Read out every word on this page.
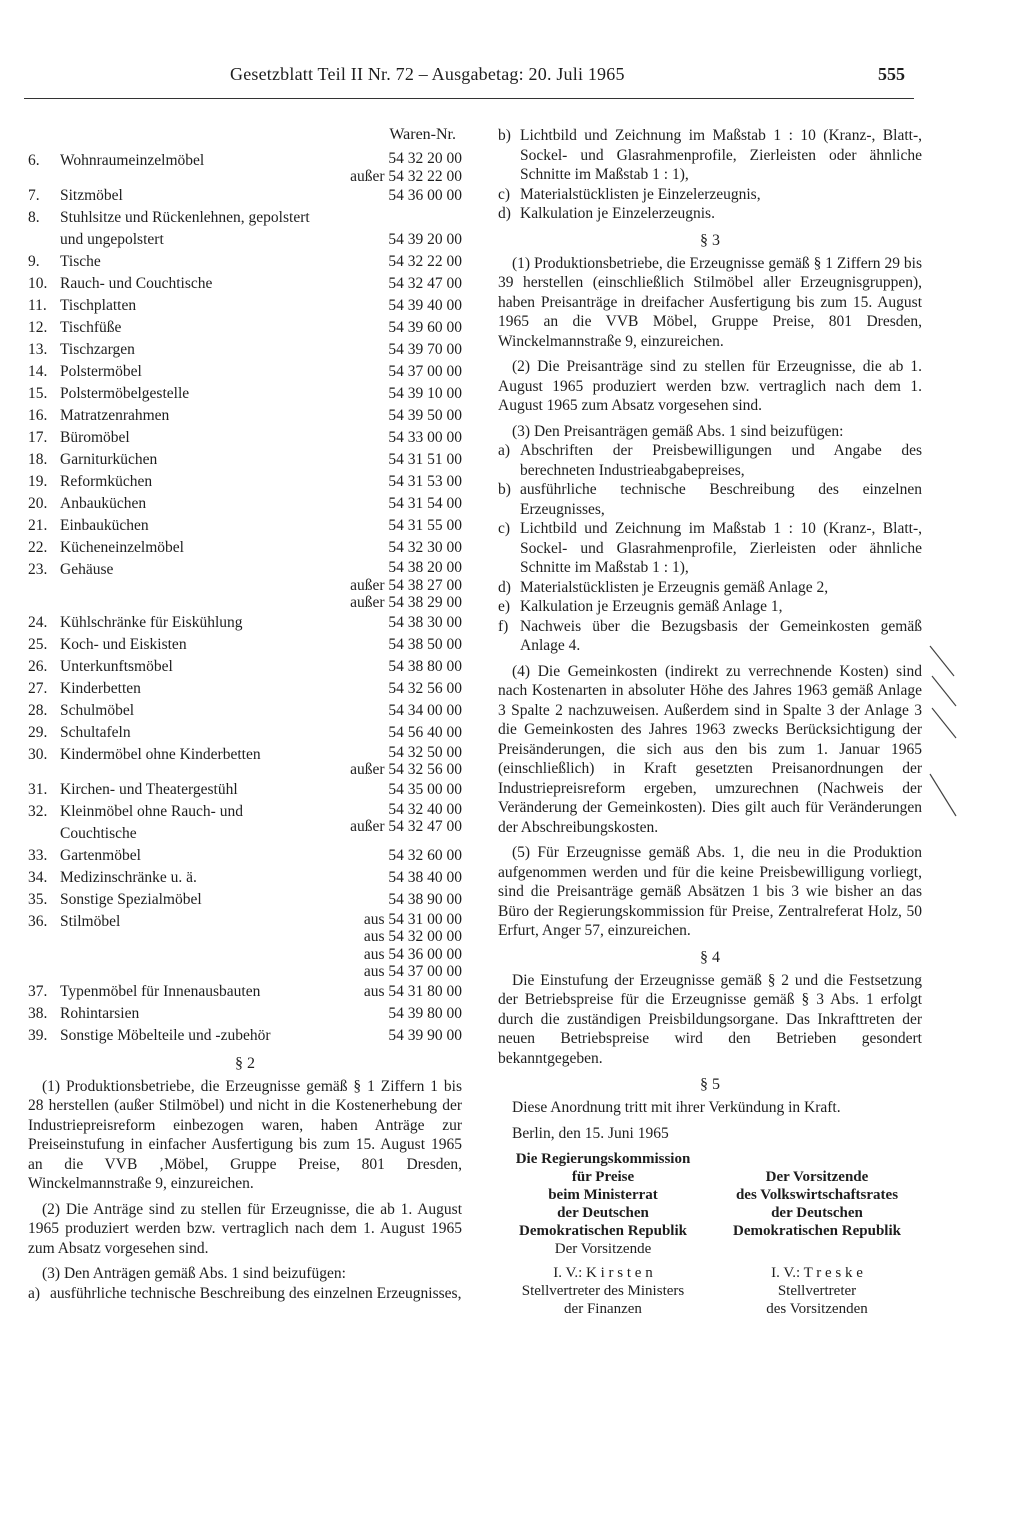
Gesetzblatt Teil II Nr. 72 – Ausgabetag: 20. Juli 1965	555
Waren-Nr.
6.	Wohnraumeinzelmöbel	54 32 20 00
außer 54 32 22 00
7.	Sitzmöbel	54 36 00 00
8.	Stuhlsitze und Rückenlehnen, gepolstert und ungepolstert	54 39 20 00
9.	Tische	54 32 22 00
10. Rauch- und Couchtische	54 32 47 00
11. Tischplatten	54 39 40 00
12. Tischfüße	54 39 60 00
13. Tischzargen	54 39 70 00
14. Polstermöbel	54 37 00 00
15. Polstermöbelgestelle	54 39 10 00
16. Matratzenrahmen	54 39 50 00
17. Büromöbel	54 33 00 00
18. Garniturküchen	54 31 51 00
19. Reformküchen	54 31 53 00
20. Anbauküchen	54 31 54 00
21. Einbauküchen	54 31 55 00
22. Kücheneinzelmöbel	54 32 30 00
23. Gehäuse	54 38 20 00
außer 54 38 27 00
außer 54 38 29 00
24. Kühlschränke für Eiskühlung	54 38 30 00
25. Koch- und Eiskisten	54 38 50 00
26. Unterkunftsmöbel	54 38 80 00
27. Kinderbetten	54 32 56 00
28. Schulmöbel	54 34 00 00
29. Schultafeln	54 56 40 00
30. Kindermöbel ohne Kinderbetten	54 32 50 00
außer 54 32 56 00
31. Kirchen- und Theatergestühl	54 35 00 00
32. Kleinmöbel ohne Rauch- und Couchtische
54 32 40 00
außer 54 32 47 00
33. Gartenmöbel	54 32 60 00
34. Medizinschränke u. ä.	54 38 40 00
35. Sonstige Spezialmöbel	54 38 90 00
36. Stilmöbel	aus 54 31 00 00
aus 54 32 00 00
aus 54 36 00 00
aus 54 37 00 00
37. Typenmöbel für Innenausbauten	aus 54 31 80 00
38. Rohintarsien	54 39 80 00
39. Sonstige Möbelteile und -zubehör	54 39 90 00
§ 2

(1) Produktionsbetriebe, die Erzeugnisse gemäß § 1 Ziffern 1 bis 28 herstellen (außer Stilmöbel) und nicht in die Kostenerhebung der Industriepreisreform einbezogen waren, haben Anträge zur Preiseinstufung in einfacher Ausfertigung bis zum 15. August 1965 an die VVB ‚Möbel, Gruppe Preise, 801 Dresden, Winckelmannstraße 9, einzureichen.

(2) Die Anträge sind zu stellen für Erzeugnisse, die ab 1. August 1965 produziert werden bzw. vertraglich nach dem 1. August 1965 zum Absatz vorgesehen sind.

(3) Den Anträgen gemäß Abs. 1 sind beizufügen:

a) ausführliche technische Beschreibung des einzelnen Erzeugnisses,
b) Lichtbild und Zeichnung im Maßstab 1 : 10 (Kranz-, Blatt-, Sockel- und Glasrahmenprofile, Zierleisten oder ähnliche Schnitte im Maßstab 1 : 1),
c) Materialstücklisten je Einzelerzeugnis,
d) Kalkulation je Einzelerzeugnis.
§ 3

(1) Produktionsbetriebe, die Erzeugnisse gemäß § 1 Ziffern 29 bis 39 herstellen (einschließlich Stilmöbel aller Erzeugnisgruppen), haben Preisanträge in dreifacher Ausfertigung bis zum 15. August 1965 an die VVB Möbel, Gruppe Preise, 801 Dresden, Winckelmannstraße 9, einzureichen.

(2) Die Preisanträge sind zu stellen für Erzeugnisse, die ab 1. August 1965 produziert werden bzw. vertraglich nach dem 1. August 1965 zum Absatz vorgesehen sind.

(3) Den Preisanträgen gemäß Abs. 1 sind beizufügen:

a) Abschriften der Preisbewilligungen und Angabe des berechneten Industrieabgabepreises,
b) ausführliche technische Beschreibung des einzelnen Erzeugnisses,
c) Lichtbild und Zeichnung im Maßstab 1 : 10 (Kranz-, Blatt-, Sockel- und Glasrahmenprofile, Zierleisten oder ähnliche Schnitte im Maßstab 1 : 1),
d) Materialstücklisten je Erzeugnis gemäß Anlage 2,
e) Kalkulation je Erzeugnis gemäß Anlage 1,
f) Nachweis über die Bezugsbasis der Gemeinkosten gemäß Anlage 4.

(4) Die Gemeinkosten (indirekt zu verrechnende Kosten) sind nach Kostenarten in absoluter Höhe des Jahres 1963 gemäß Anlage 3 Spalte 2 nachzuweisen. Außerdem sind in Spalte 3 der Anlage 3 die Gemeinkosten des Jahres 1963 zwecks Berücksichtigung der Preisänderungen, die sich aus den bis zum 1. Januar 1965 (einschließlich) in Kraft gesetzten Preisanordnungen der Industriepreisreform ergeben, umzurechnen (Nachweis der Veränderung der Gemeinkosten). Dies gilt auch für Veränderungen der Abschreibungskosten.

(5) Für Erzeugnisse gemäß Abs. 1, die neu in die Produktion aufgenommen werden und für die keine Preisbewilligung vorliegt, sind die Preisanträge gemäß Absätzen 1 bis 3 wie bisher an das Büro der Regierungskommission für Preise, Zentralreferat Holz, 50 Erfurt, Anger 57, einzureichen.

§ 4

Die Einstufung der Erzeugnisse gemäß § 2 und die Festsetzung der Betriebspreise für die Erzeugnisse gemäß § 3 Abs. 1 erfolgt durch die zuständigen Preisbildungsorgane. Das Inkrafttreten der neuen Betriebspreise wird den Betrieben gesondert bekanntgegeben.

§ 5

Diese Anordnung tritt mit ihrer Verkündung in Kraft.

Berlin, den 15. Juni 1965
Die Regierungskommission
für Preise
beim Ministerrat
der Deutschen
Demokratischen Republik
Der Vorsitzende
I. V.: K i r s t e n
Stellvertreter des Ministers
der Finanzen
Der Vorsitzende
des Volkswirtschaftsrates
der Deutschen
Demokratischen Republik
I. V.: T r e s k e
Stellvertreter
des Vorsitzenden
